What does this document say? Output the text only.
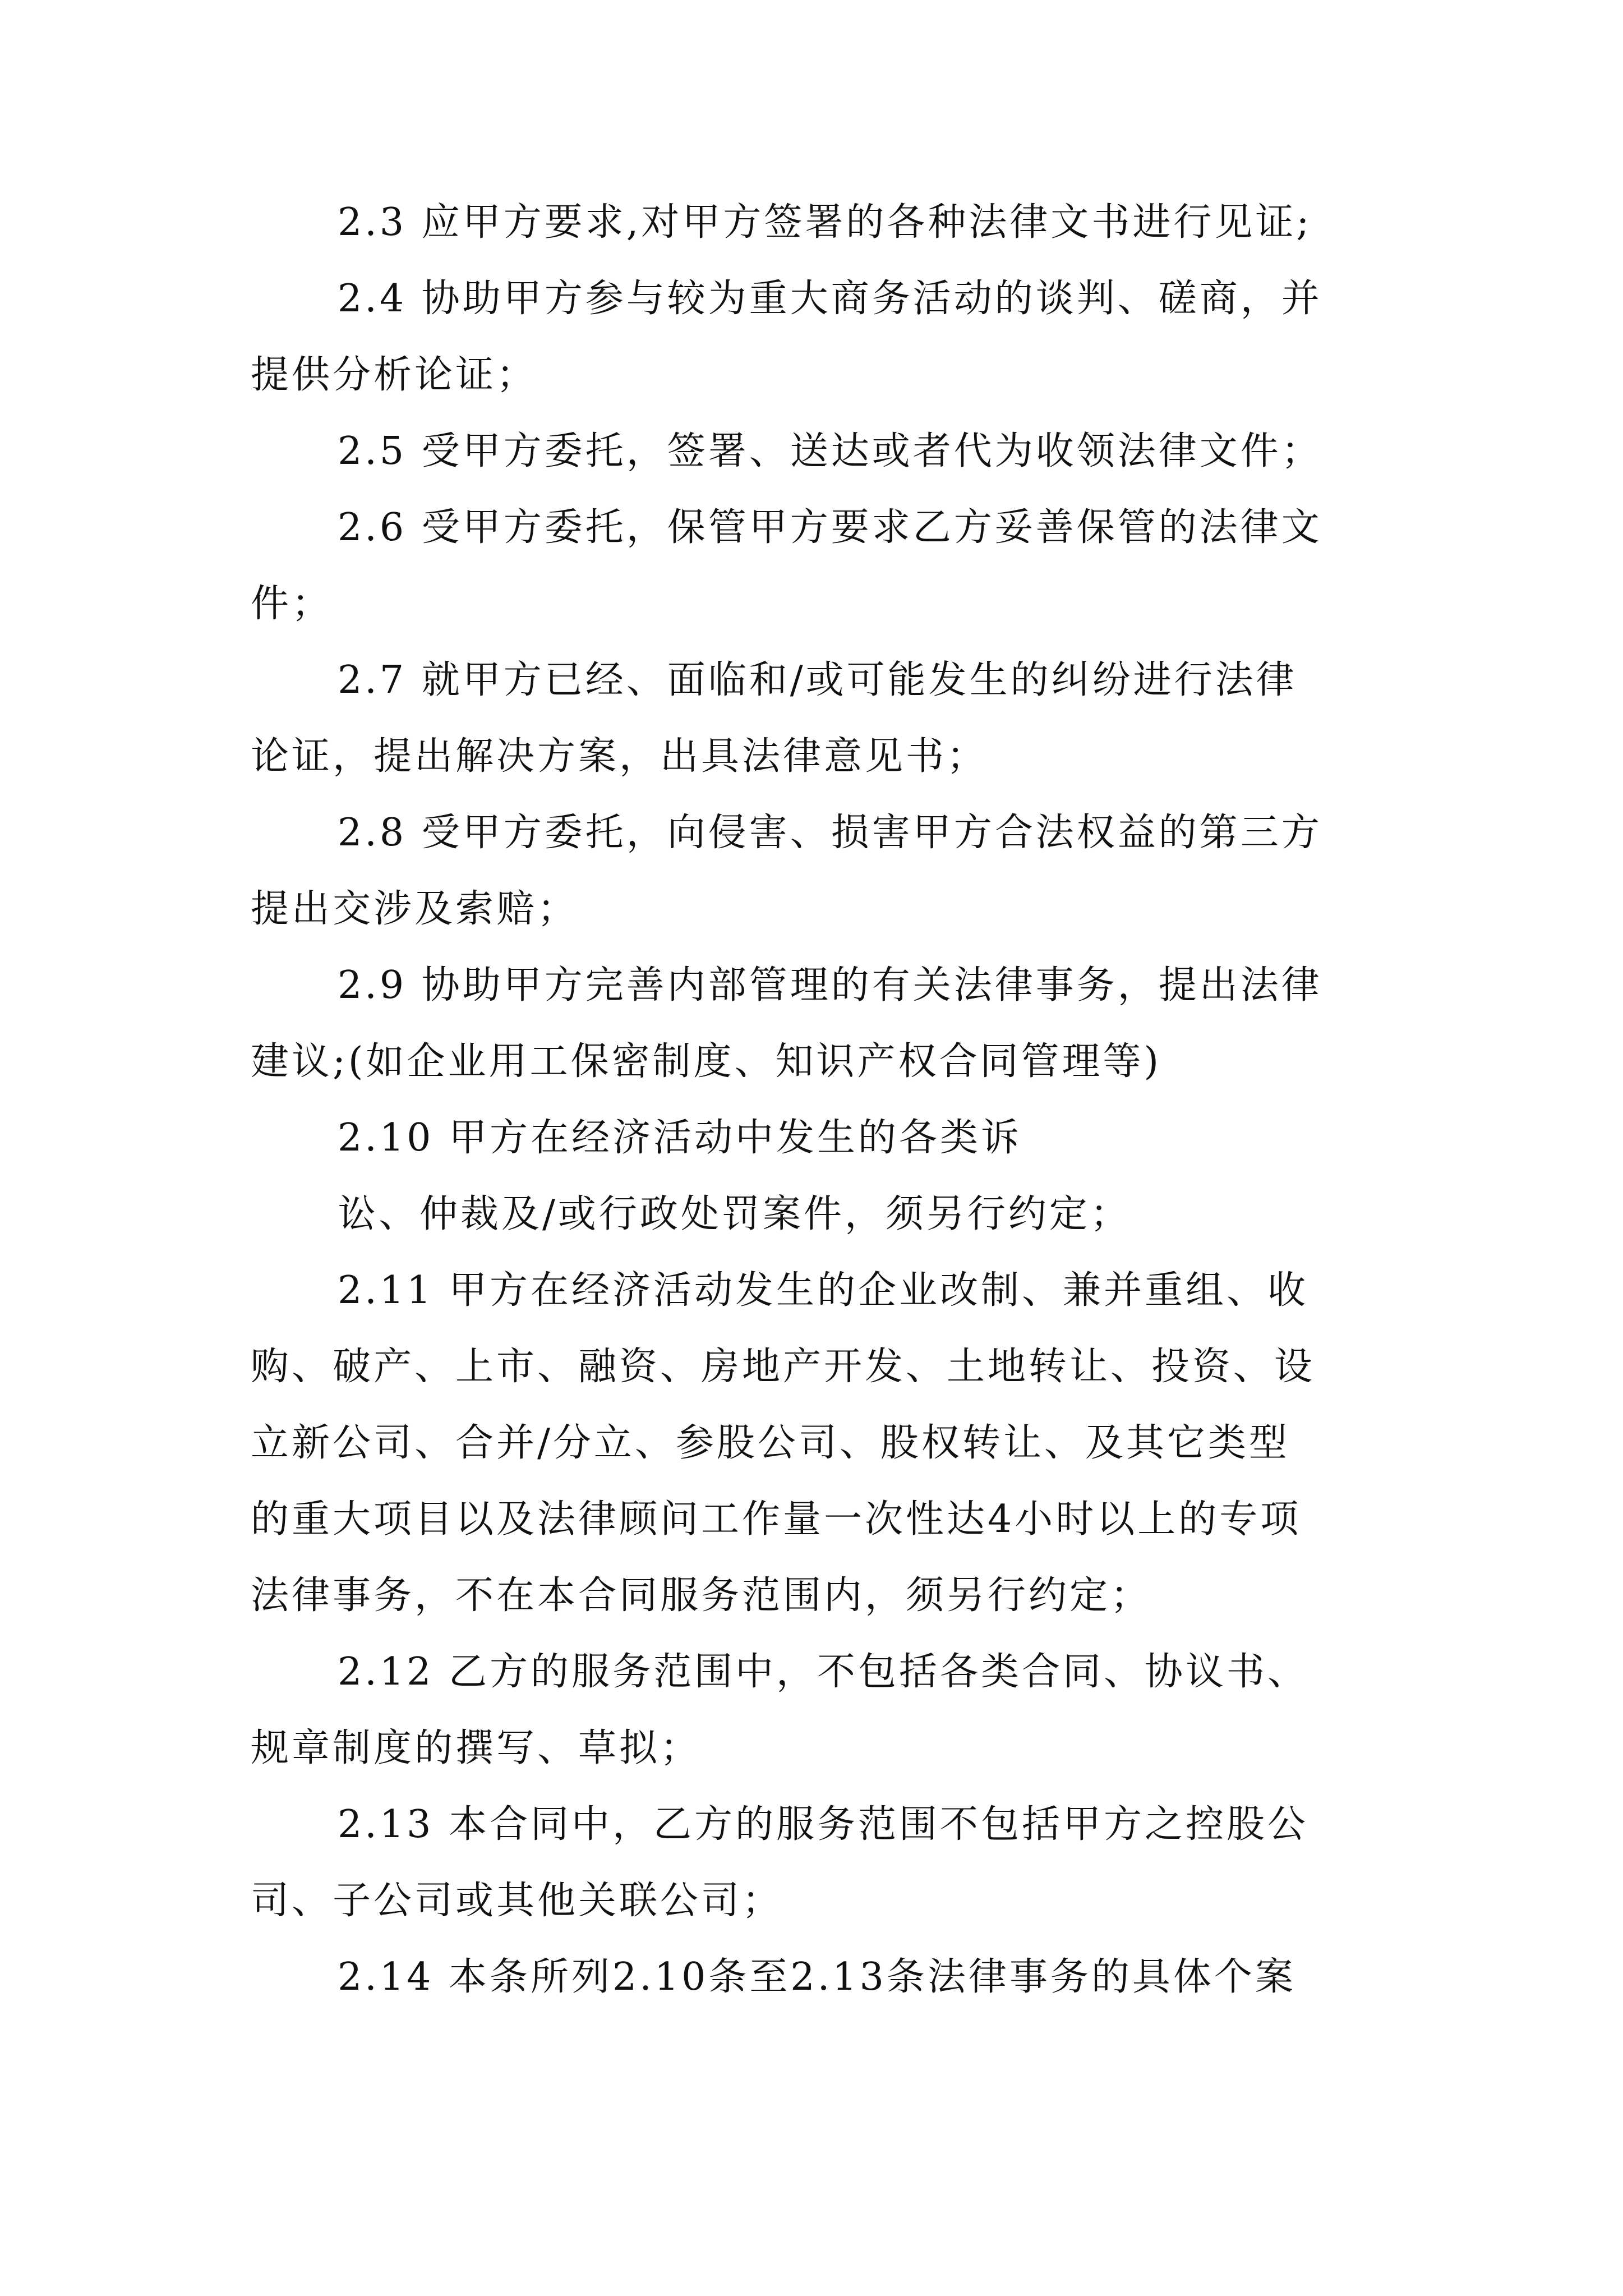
2.3 应甲方要求,对甲方签署的各种法律文书进行见证;
2.4 协助甲方参与较为重大商务活动的谈判、磋商，并
提供分析论证；
2.5 受甲方委托，签署、送达或者代为收领法律文件；
2.6 受甲方委托，保管甲方要求乙方妥善保管的法律文
件；
2.7 就甲方已经、面临和/或可能发生的纠纷进行法律
论证，提出解决方案，出具法律意见书；
2.8 受甲方委托，向侵害、损害甲方合法权益的第三方
提出交涉及索赔；
2.9 协助甲方完善内部管理的有关法律事务，提出法律
建议;(如企业用工保密制度、知识产权合同管理等)
2.10 甲方在经济活动中发生的各类诉
讼、仲裁及/或行政处罚案件，须另行约定；
2.11 甲方在经济活动发生的企业改制、兼并重组、收
购、破产、上市、融资、房地产开发、土地转让、投资、设
立新公司、合并/分立、参股公司、股权转让、及其它类型
的重大项目以及法律顾问工作量一次性达4小时以上的专项
法律事务，不在本合同服务范围内，须另行约定；
2.12 乙方的服务范围中，不包括各类合同、协议书、
规章制度的撰写、草拟；
2.13 本合同中，乙方的服务范围不包括甲方之控股公
司、子公司或其他关联公司；
2.14 本条所列2.10条至2.13条法律事务的具体个案
